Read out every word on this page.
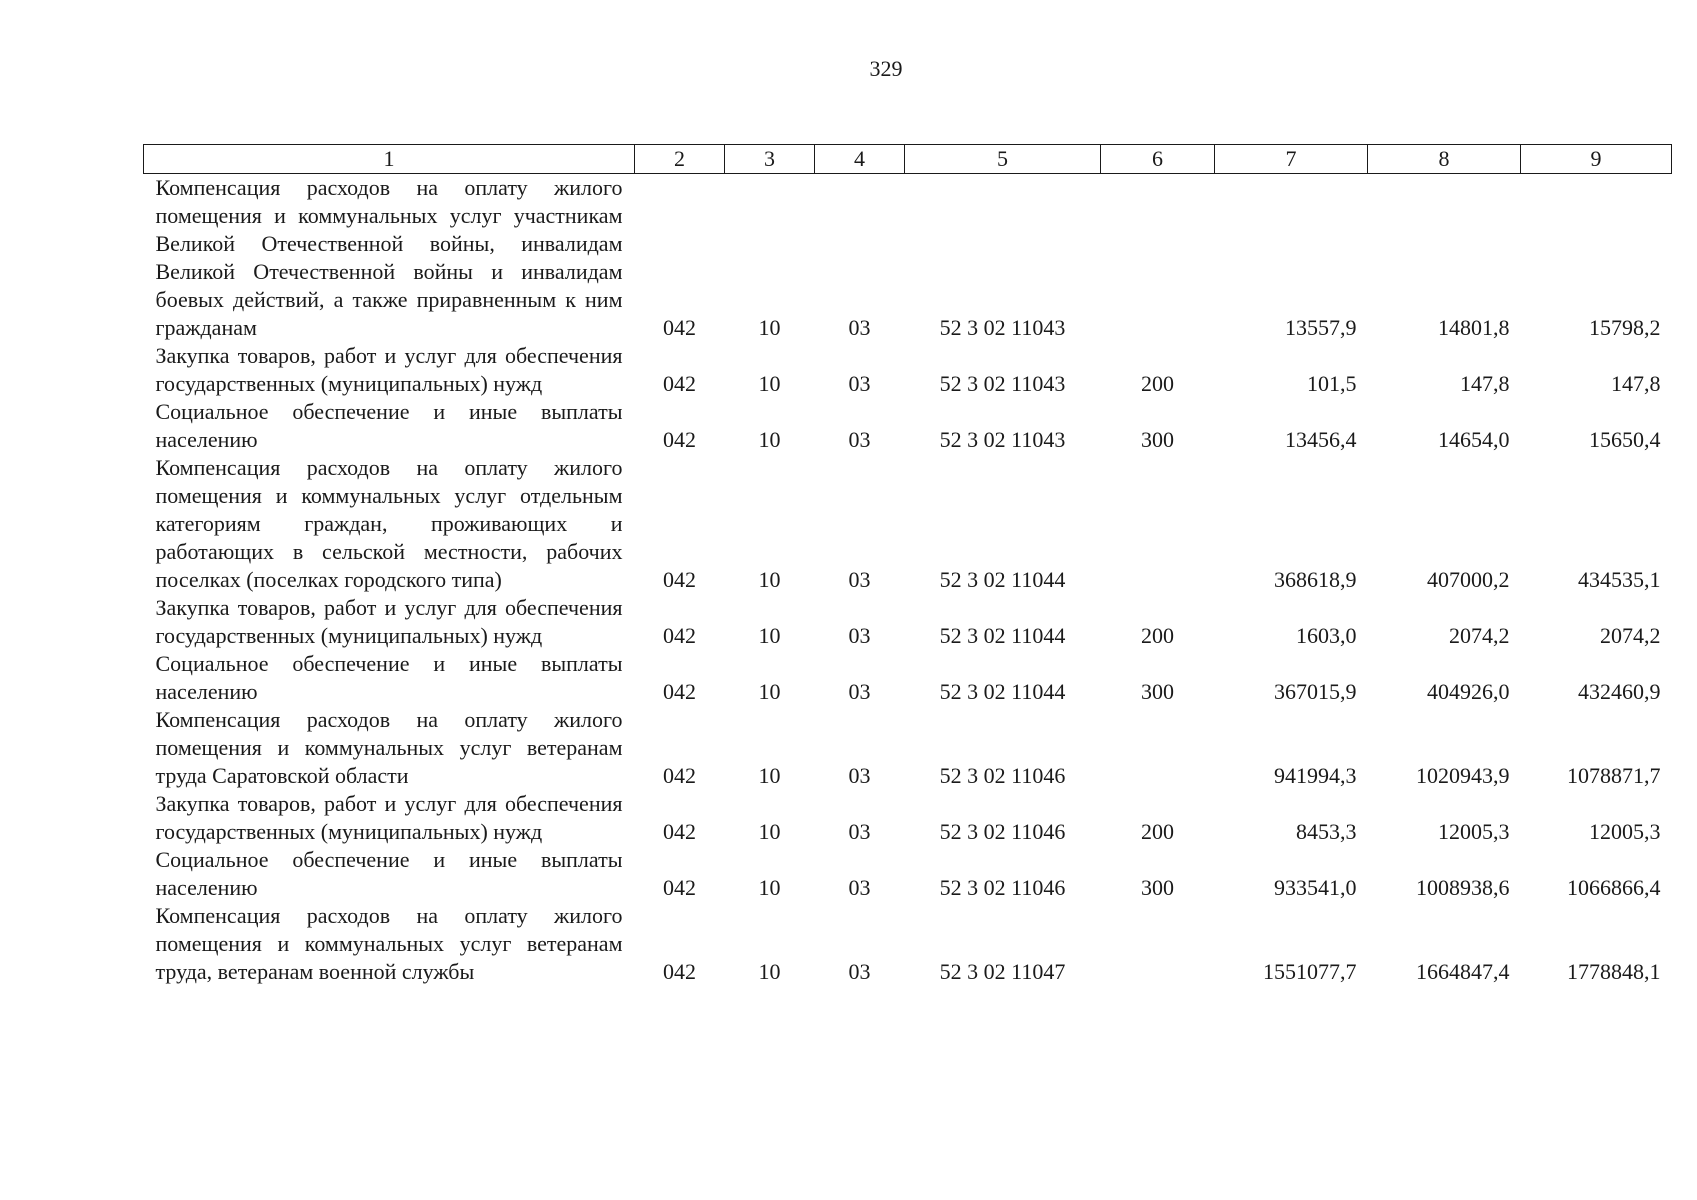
329
1	2	3	4	5	6	7	8	9
Компенсация расходов на оплату жилого помещения и коммунальных услуг участникам Великой Отечественной войны, инвалидам Великой Отечественной войны и инвалидам боевых действий, а также приравненным к ним гражданам	042	10	03	52 3 02 11043		13557,9	14801,8	15798,2
Закупка товаров, работ и услуг для обеспечения государственных (муниципальных) нужд	042	10	03	52 3 02 11043	200	101,5	147,8	147,8
Социальное обеспечение и иные выплаты населению	042	10	03	52 3 02 11043	300	13456,4	14654,0	15650,4
Компенсация расходов на оплату жилого помещения и коммунальных услуг отдельным категориям граждан, проживающих и работающих в сельской местности, рабочих поселках (поселках городского типа)	042	10	03	52 3 02 11044		368618,9	407000,2	434535,1
Закупка товаров, работ и услуг для обеспечения государственных (муниципальных) нужд	042	10	03	52 3 02 11044	200	1603,0	2074,2	2074,2
Социальное обеспечение и иные выплаты населению	042	10	03	52 3 02 11044	300	367015,9	404926,0	432460,9
Компенсация расходов на оплату жилого помещения и коммунальных услуг ветеранам труда Саратовской области	042	10	03	52 3 02 11046		941994,3	1020943,9	1078871,7
Закупка товаров, работ и услуг для обеспечения государственных (муниципальных) нужд	042	10	03	52 3 02 11046	200	8453,3	12005,3	12005,3
Социальное обеспечение и иные выплаты населению	042	10	03	52 3 02 11046	300	933541,0	1008938,6	1066866,4
Компенсация расходов на оплату жилого помещения и коммунальных услуг ветеранам труда, ветеранам военной службы	042	10	03	52 3 02 11047		1551077,7	1664847,4	1778848,1
